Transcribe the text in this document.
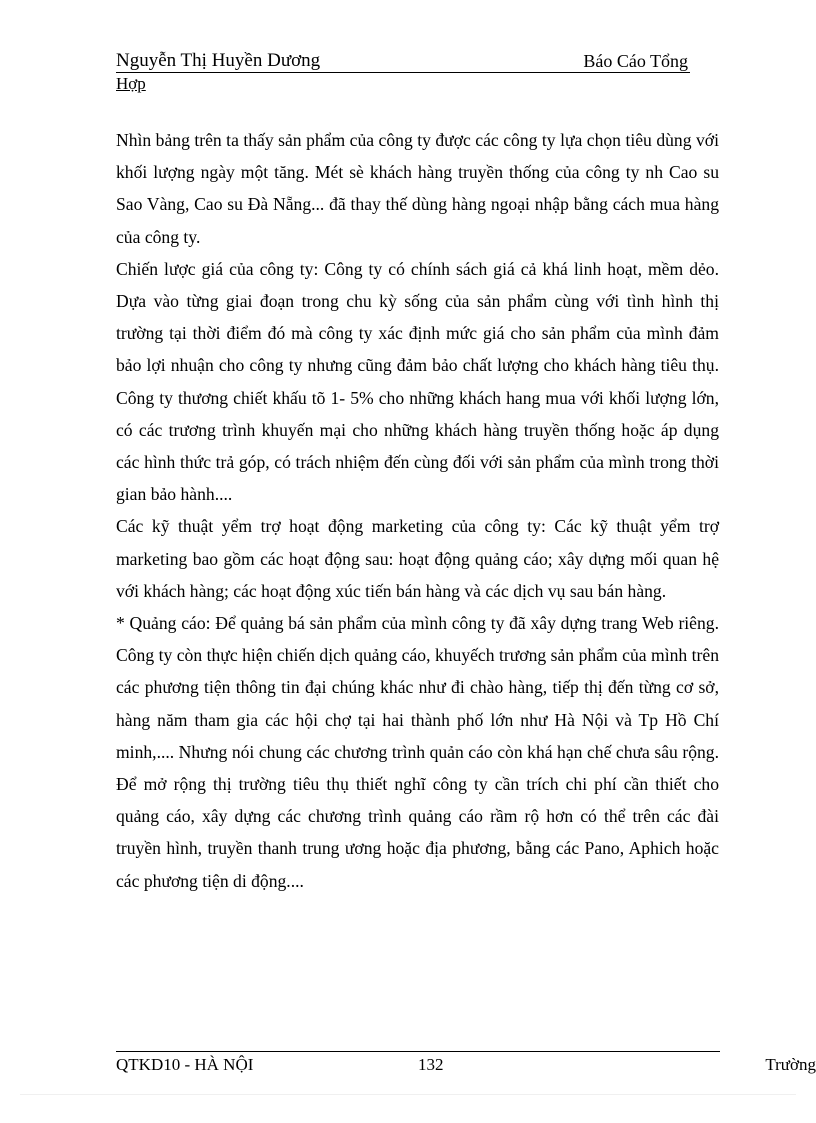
Nguyễn Thị Huyền Dương	Báo Cáo Tổng
Hợp

Nhìn bảng trên ta thấy sản phẩm của công ty được các công ty lựa chọn tiêu dùng với khối lượng ngày một tăng. Mét sè khách hàng truyền thống của công ty nh Cao su Sao Vàng, Cao su Đà Nẵng... đã thay thế dùng hàng ngoại nhập bằng cách mua hàng của công ty.

Chiến lược giá của công ty: Công ty có chính sách giá cả khá linh hoạt, mềm dẻo. Dựa vào từng giai đoạn trong chu kỳ sống của sản phẩm cùng với tình hình thị trường tại thời điểm đó mà công ty xác định mức giá cho sản phẩm của mình đảm bảo lợi nhuận cho công ty nhưng cũng đảm bảo chất lượng cho khách hàng tiêu thụ. Công ty thương chiết khấu tõ 1- 5% cho những khách hang mua với khối lượng lớn, có các trương trình khuyến mại cho những khách hàng truyền thống hoặc áp dụng các hình thức trả góp, có trách nhiệm đến cùng đối với sản phẩm của mình trong thời gian bảo hành....

Các kỹ thuật yểm trợ hoạt động marketing của công ty: Các kỹ thuật yểm trợ marketing bao gồm các hoạt động sau: hoạt động quảng cáo; xây dựng mối quan hệ với khách hàng; các hoạt động xúc tiến bán hàng và các dịch vụ sau bán hàng.

* Quảng cáo: Để quảng bá sản phẩm của mình công ty đã xây dựng trang Web riêng. Công ty còn thực hiện chiến dịch quảng cáo, khuyếch trương sản phẩm của mình trên các phương tiện thông tin đại chúng khác như đi chào hàng, tiếp thị đến từng cơ sở, hàng năm tham gia các hội chợ tại hai thành phố lớn như Hà Nội và Tp Hồ Chí minh,.... Nhưng nói chung các chương trình quản cáo còn khá hạn chế chưa sâu rộng. Để mở rộng thị trường tiêu thụ thiết nghĩ công ty cần trích chi phí cần thiết cho quảng cáo, xây dựng các chương trình quảng cáo rầm rộ hơn có thể trên các đài truyền hình, truyền thanh trung ương hoặc địa phương, bằng các Pano, Aphich hoặc các phương tiện di động....

QTKD10 - HÀ NỘI	132	Trường
